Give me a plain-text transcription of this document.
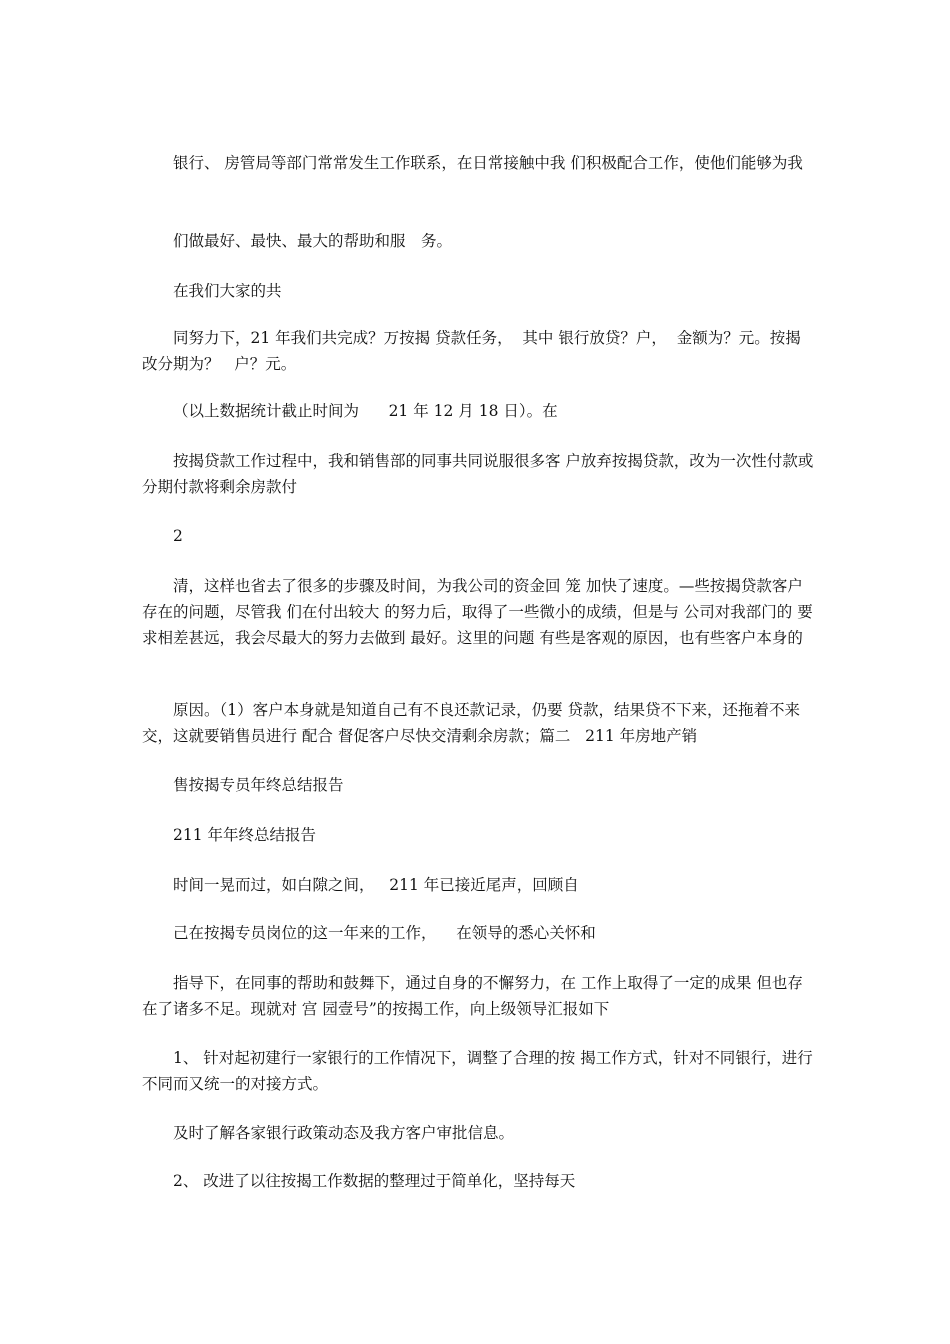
银行、 房管局等部门常常发生工作联系，在日常接触中我 们积极配合工作，使他们能够为我

们做最好、最快、最大的帮助和服　务。

在我们大家的共

同努力下，21 年我们共完成？万按揭 贷款任务，  其中 银行放贷？户，  金额为？元。按揭改分期为？   户？元。

（以上数据统计截止时间为      21 年 12 月 18 日）。在

按揭贷款工作过程中，我和销售部的同事共同说服很多客 户放弃按揭贷款，改为一次性付款或分期付款将剩余房款付

2

清，这样也省去了很多的步骤及时间，为我公司的资金回 笼 加快了速度。—些按揭贷款客户存在的问题，尽管我 们在付出较大 的努力后，取得了一些微小的成绩，但是与 公司对我部门的 要求相差甚远，我会尽最大的努力去做到 最好。这里的问题 有些是客观的原因，也有些客户本身的

原因。（1）客户本身就是知道自己有不良还款记录，仍要 贷款，结果贷不下来，还拖着不来交，这就要销售员进行 配合 督促客户尽快交清剩余房款；篇二   211 年房地产销

售按揭专员年终总结报告

211 年年终总结报告

时间一晃而过，如白隙之间，   211 年已接近尾声，回顾自

己在按揭专员岗位的这一年来的工作，    在领导的悉心关怀和

指导下，在同事的帮助和鼓舞下，通过自身的不懈努力，在 工作上取得了一定的成果 但也存在了诸多不足。现就对 宫 园壹号”的按揭工作，向上级领导汇报如下

1、 针对起初建行一家银行的工作情况下，调整了合理的按 揭工作方式，针对不同银行，进行不同而又统一的对接方式。

及时了解各家银行政策动态及我方客户审批信息。

2、 改进了以往按揭工作数据的整理过于简单化，坚持每天
